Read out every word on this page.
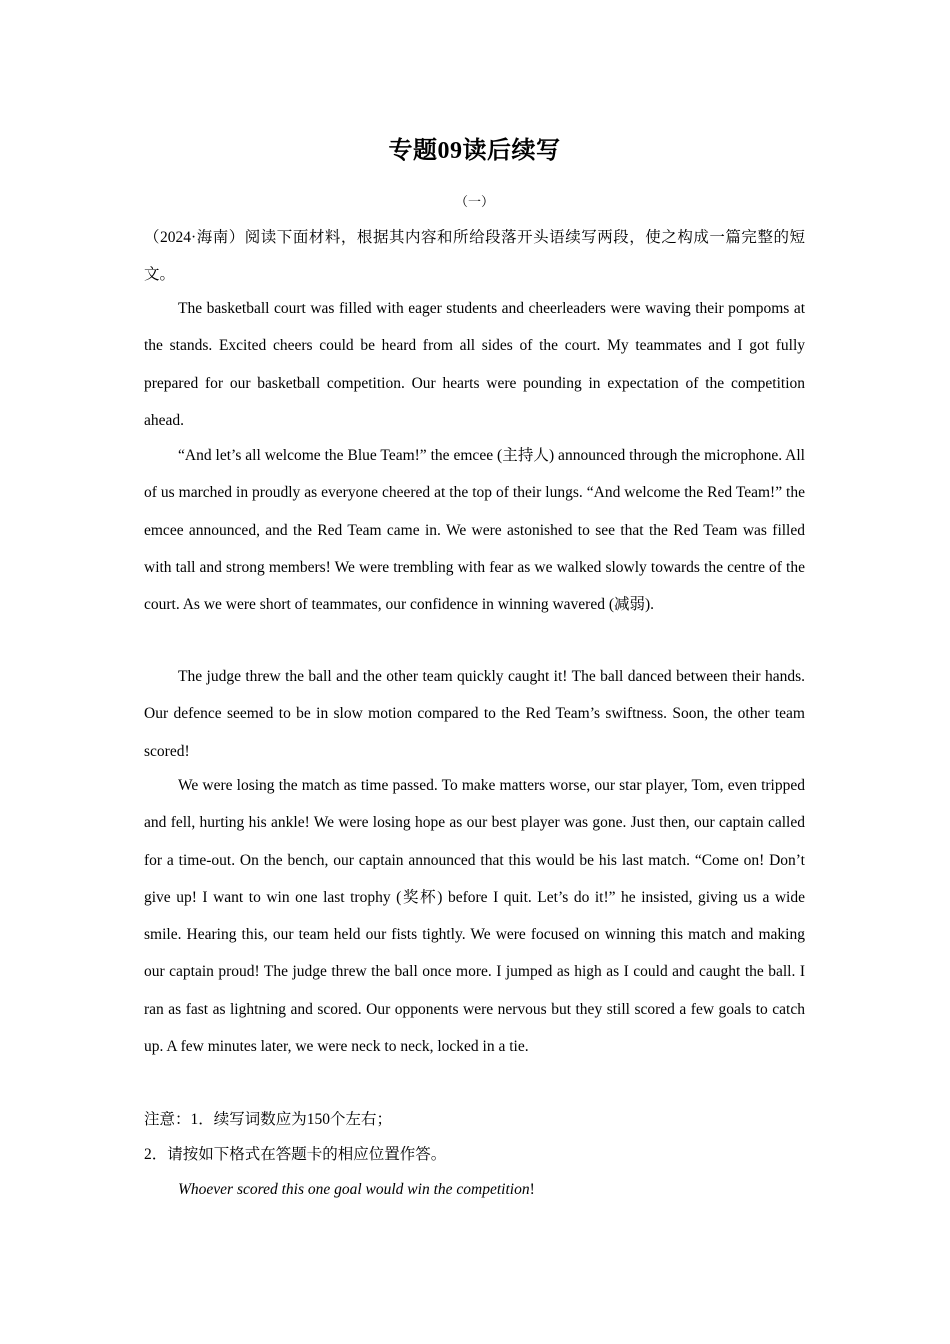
专题09读后续写
（一）
（2024·海南）阅读下面材料，根据其内容和所给段落开头语续写两段，使之构成一篇完整的短文。
The basketball court was filled with eager students and cheerleaders were waving their pompoms at the stands. Excited cheers could be heard from all sides of the court. My teammates and I got fully prepared for our basketball competition. Our hearts were pounding in expectation of the competition ahead.
“And let’s all welcome the Blue Team!” the emcee (主持人) announced through the microphone. All of us marched in proudly as everyone cheered at the top of their lungs. “And welcome the Red Team!” the emcee announced, and the Red Team came in. We were astonished to see that the Red Team was filled with tall and strong members! We were trembling with fear as we walked slowly towards the centre of the court. As we were short of teammates, our confidence in winning wavered (减弱).
The judge threw the ball and the other team quickly caught it! The ball danced between their hands. Our defence seemed to be in slow motion compared to the Red Team’s swiftness. Soon, the other team scored!
We were losing the match as time passed. To make matters worse, our star player, Tom, even tripped and fell, hurting his ankle! We were losing hope as our best player was gone. Just then, our captain called for a time-out. On the bench, our captain announced that this would be his last match. “Come on! Don’t give up! I want to win one last trophy (奖杯) before I quit. Let’s do it!” he insisted, giving us a wide smile. Hearing this, our team held our fists tightly. We were focused on winning this match and making our captain proud! The judge threw the ball once more. I jumped as high as I could and caught the ball. I ran as fast as lightning and scored. Our opponents were nervous but they still scored a few goals to catch up. A few minutes later, we were neck to neck, locked in a tie.
注意：1．续写词数应为150个左右；
2．请按如下格式在答题卡的相应位置作答。
Whoever scored this one goal would win the competition!
